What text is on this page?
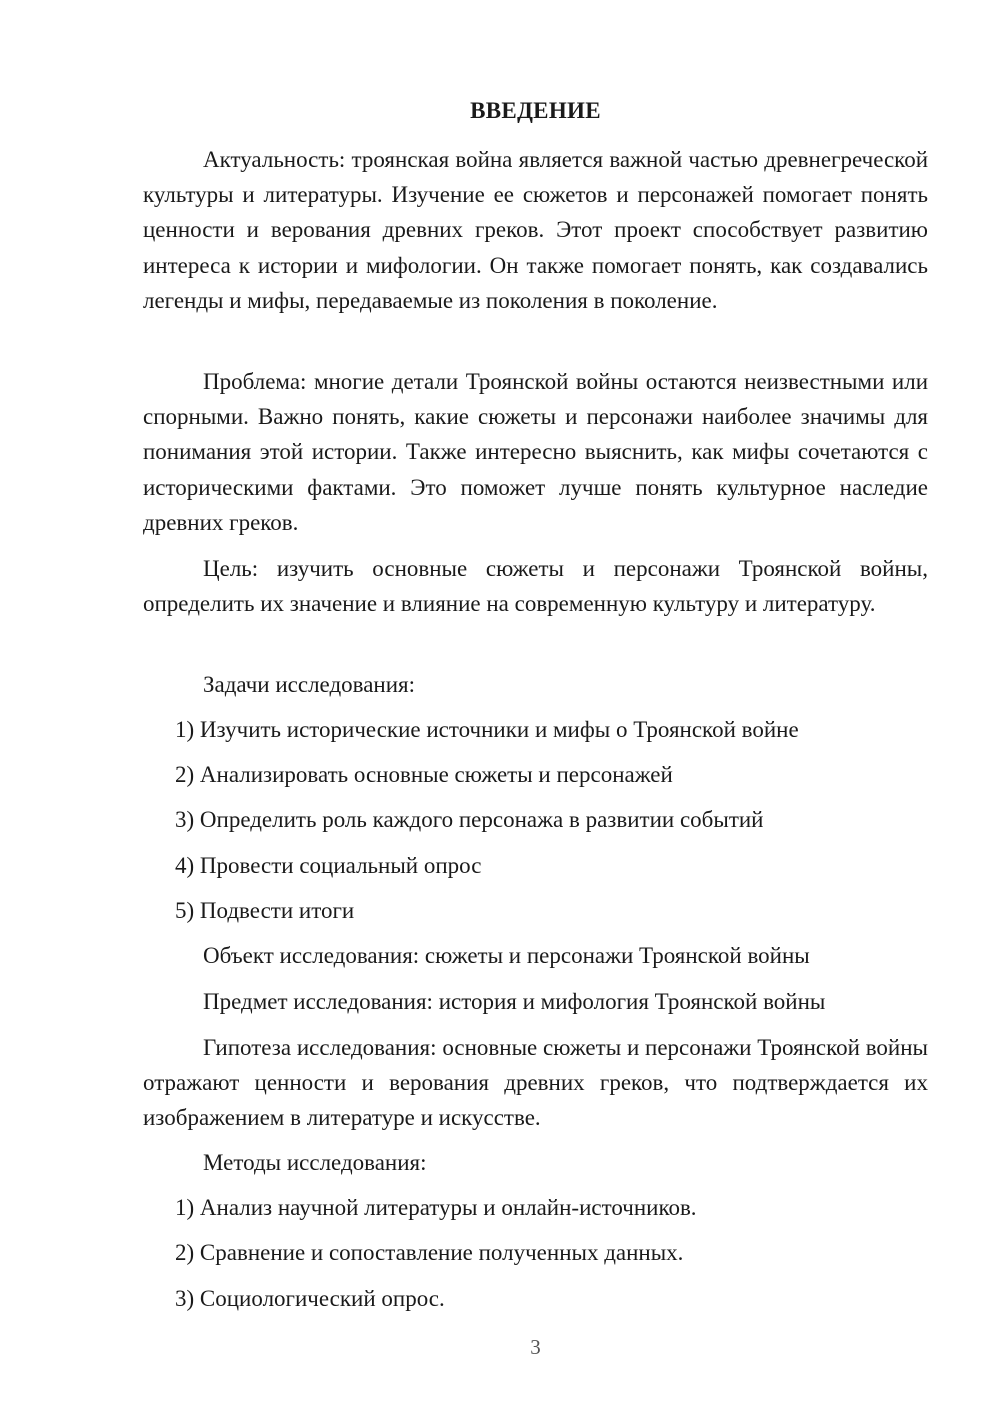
ВВЕДЕНИЕ

Актуальность: троянская война является важной частью древнегреческой культуры и литературы. Изучение ее сюжетов и персонажей помогает понять ценности и верования древних греков. Этот проект способствует развитию интереса к истории и мифологии. Он также помогает понять, как создавались легенды и мифы, передаваемые из поколения в поколение.

Проблема: многие детали Троянской войны остаются неизвестными или спорными. Важно понять, какие сюжеты и персонажи наиболее значимы для понимания этой истории. Также интересно выяснить, как мифы сочетаются с историческими фактами. Это поможет лучше понять культурное наследие древних греков.

Цель: изучить основные сюжеты и персонажи Троянской войны, определить их значение и влияние на современную культуру и литературу.

Задачи исследования:

1) Изучить исторические источники и мифы о Троянской войне

2) Анализировать основные сюжеты и персонажей

3) Определить роль каждого персонажа в развитии событий

4) Провести социальный опрос

5) Подвести итоги

Объект исследования: сюжеты и персонажи Троянской войны

Предмет исследования: история и мифология Троянской войны

Гипотеза исследования: основные сюжеты и персонажи Троянской войны отражают ценности и верования древних греков, что подтверждается их изображением в литературе и искусстве.

Методы исследования:

1) Анализ научной литературы и онлайн-источников.

2) Сравнение и сопоставление полученных данных.

3) Социологический опрос.

3
